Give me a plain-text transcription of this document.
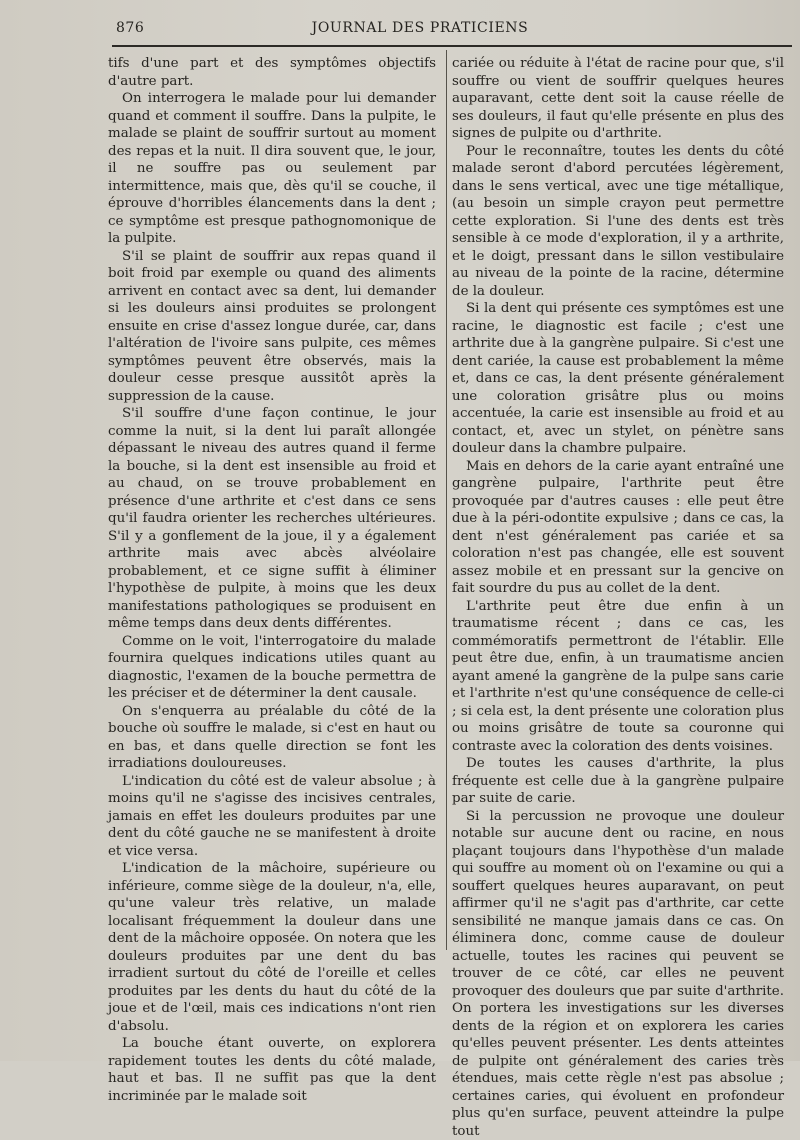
876	JOURNAL DES PRATICIENS

tifs d'une part et des symptômes objectifs d'autre part.

On interrogera le malade pour lui demander quand et comment il souffre. Dans la pulpite, le malade se plaint de souffrir surtout au moment des repas et la nuit. Il dira souvent que, le jour, il ne souffre pas ou seulement par intermittence, mais que, dès qu'il se couche, il éprouve d'horribles élancements dans la dent ; ce symptôme est presque pathognomonique de la pulpite.

S'il se plaint de souffrir aux repas quand il boit froid par exemple ou quand des aliments arrivent en contact avec sa dent, lui demander si les douleurs ainsi produites se prolongent ensuite en crise d'assez longue durée, car, dans l'altération de l'ivoire sans pulpite, ces mêmes symptômes peuvent être observés, mais la douleur cesse presque aussitôt après la suppression de la cause.

S'il souffre d'une façon continue, le jour comme la nuit, si la dent lui paraît allongée dépassant le niveau des autres quand il ferme la bouche, si la dent est insensible au froid et au chaud, on se trouve probablement en présence d'une arthrite et c'est dans ce sens qu'il faudra orienter les recherches ultérieures. S'il y a gonflement de la joue, il y a également arthrite mais avec abcès alvéolaire probablement, et ce signe suffit à éliminer l'hypothèse de pulpite, à moins que les deux manifestations pathologiques se produisent en même temps dans deux dents différentes.

Comme on le voit, l'interrogatoire du malade fournira quelques indications utiles quant au diagnostic, l'examen de la bouche permettra de les préciser et de déterminer la dent causale.

On s'enquerra au préalable du côté de la bouche où souffre le malade, si c'est en haut ou en bas, et dans quelle direction se font les irradiations douloureuses.

L'indication du côté est de valeur absolue ; à moins qu'il ne s'agisse des incisives centrales, jamais en effet les douleurs produites par une dent du côté gauche ne se manifestent à droite et vice versa.

L'indication de la mâchoire, supérieure ou inférieure, comme siège de la douleur, n'a, elle, qu'une valeur très relative, un malade localisant fréquemment la douleur dans une dent de la mâchoire opposée. On notera que les douleurs produites par une dent du bas irradient surtout du côté de l'oreille et celles produites par les dents du haut du côté de la joue et de l'œil, mais ces indications n'ont rien d'absolu.

La bouche étant ouverte, on explorera rapidement toutes les dents du côté malade, haut et bas. Il ne suffit pas que la dent incriminée par le malade soit

cariée ou réduite à l'état de racine pour que, s'il souffre ou vient de souffrir quelques heures auparavant, cette dent soit la cause réelle de ses douleurs, il faut qu'elle présente en plus des signes de pulpite ou d'arthrite.

Pour le reconnaître, toutes les dents du côté malade seront d'abord percutées légèrement, dans le sens vertical, avec une tige métallique, (au besoin un simple crayon peut permettre cette exploration. Si l'une des dents est très sensible à ce mode d'exploration, il y a arthrite, et le doigt, pressant dans le sillon vestibulaire au niveau de la pointe de la racine, détermine de la douleur.

Si la dent qui présente ces symptômes est une racine, le diagnostic est facile ; c'est une arthrite due à la gangrène pulpaire. Si c'est une dent cariée, la cause est probablement la même et, dans ce cas, la dent présente généralement une coloration grisâtre plus ou moins accentuée, la carie est insensible au froid et au contact, et, avec un stylet, on pénètre sans douleur dans la chambre pulpaire.

Mais en dehors de la carie ayant entraîné une gangrène pulpaire, l'arthrite peut être provoquée par d'autres causes : elle peut être due à la péri-odontite expulsive ; dans ce cas, la dent n'est généralement pas cariée et sa coloration n'est pas changée, elle est souvent assez mobile et en pressant sur la gencive on fait sourdre du pus au collet de la dent.

L'arthrite peut être due enfin à un traumatisme récent ; dans ce cas, les commémoratifs permettront de l'établir. Elle peut être due, enfin, à un traumatisme ancien ayant amené la gangrène de la pulpe sans carie et l'arthrite n'est qu'une conséquence de celle-ci ; si cela est, la dent présente une coloration plus ou moins grisâtre de toute sa couronne qui contraste avec la coloration des dents voisines.

De toutes les causes d'arthrite, la plus fréquente est celle due à la gangrène pulpaire par suite de carie.

Si la percussion ne provoque une douleur notable sur aucune dent ou racine, en nous plaçant toujours dans l'hypothèse d'un malade qui souffre au moment où on l'examine ou qui a souffert quelques heures auparavant, on peut affirmer qu'il ne s'agit pas d'arthrite, car cette sensibilité ne manque jamais dans ce cas. On éliminera donc, comme cause de douleur actuelle, toutes les racines qui peuvent se trouver de ce côté, car elles ne peuvent provoquer des douleurs que par suite d'arthrite. On portera les investigations sur les diverses dents de la région et on explorera les caries qu'elles peuvent présenter. Les dents atteintes de pulpite ont généralement des caries très étendues, mais cette règle n'est pas absolue ; certaines caries, qui évoluent en profondeur plus qu'en surface, peuvent atteindre la pulpe tout
